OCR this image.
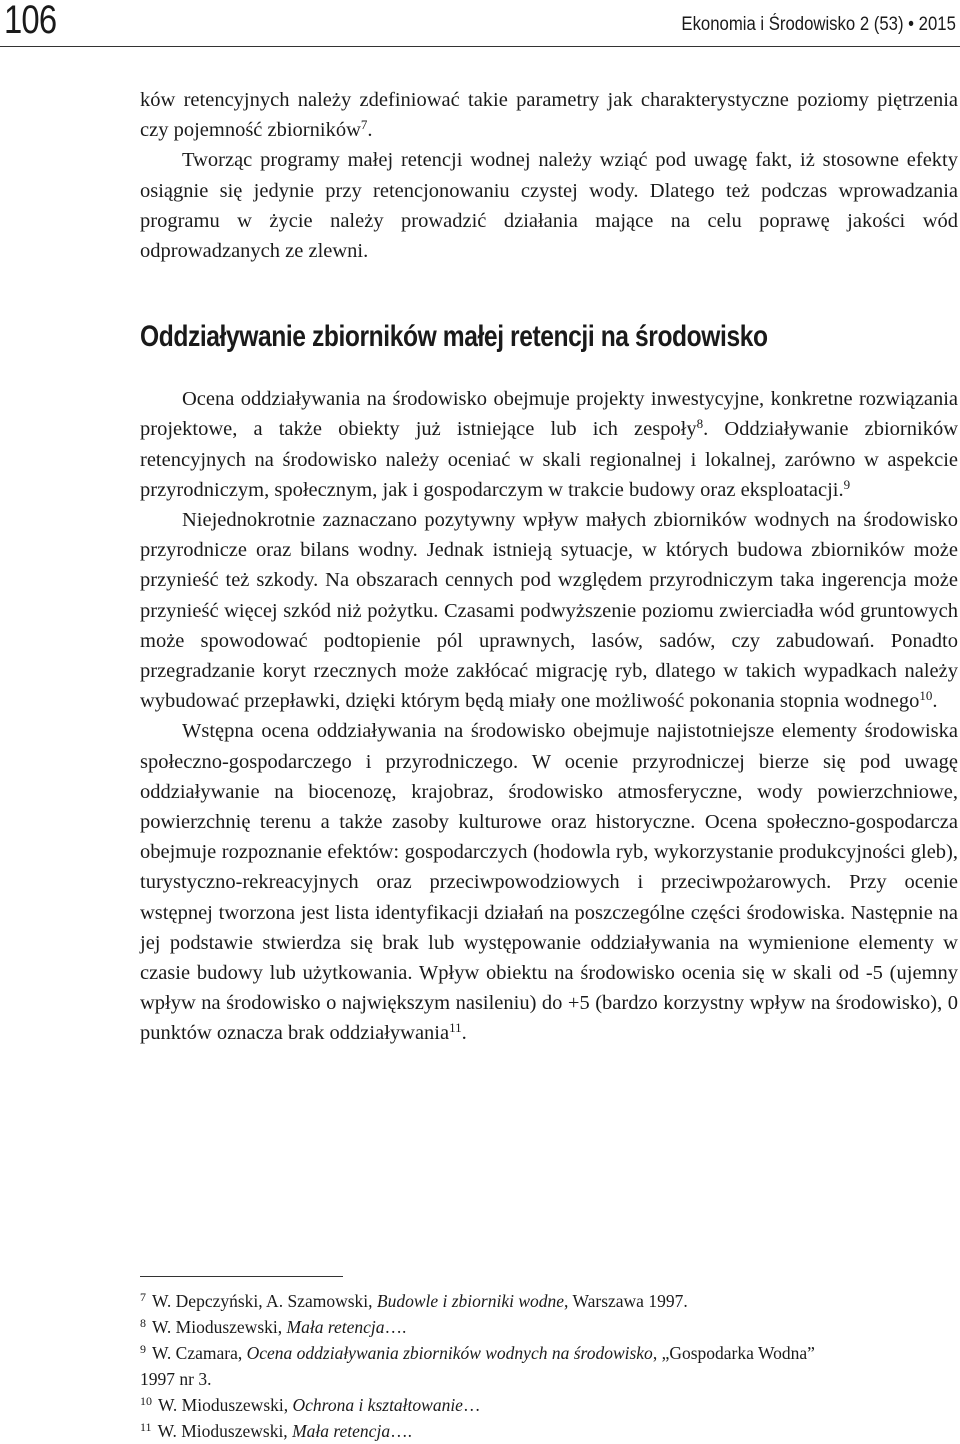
106	Ekonomia i Środowisko 2 (53) • 2015

ków retencyjnych należy zdefiniować takie parametry jak charakterystyczne poziomy piętrzenia czy pojemność zbiorników$^7$.

Tworząc programy małej retencji wodnej należy wziąć pod uwagę fakt, iż stosowne efekty osiągnie się jedynie przy retencjonowaniu czystej wody. Dlatego też podczas wprowadzania programu w życie należy prowadzić działania mające na celu poprawę jakości wód odprowadzanych ze zlewni.

Oddziaływanie zbiorników małej retencji na środowisko

Ocena oddziaływania na środowisko obejmuje projekty inwestycyjne, konkretne rozwiązania projektowe, a także obiekty już istniejące lub ich zespoły$^8$. Oddziaływanie zbiorników retencyjnych na środowisko należy oceniać w skali regionalnej i lokalnej, zarówno w aspekcie przyrodniczym, społecznym, jak i gospodarczym w trakcie budowy oraz eksploatacji.$^9$

Niejednokrotnie zaznaczano pozytywny wpływ małych zbiorników wodnych na środowisko przyrodnicze oraz bilans wodny. Jednak istnieją sytuacje, w których budowa zbiorników może przynieść też szkody. Na obszarach cennych pod względem przyrodniczym taka ingerencja może przynieść więcej szkód niż pożytku. Czasami podwyższenie poziomu zwierciadła wód gruntowych może spowodować podtopienie pól uprawnych, lasów, sadów, czy zabudowań. Ponadto przegradzanie koryt rzecznych może zakłócać migrację ryb, dlatego w takich wypadkach należy wybudować przepławki, dzięki którym będą miały one możliwość pokonania stopnia wodnego$^{10}$.

Wstępna ocena oddziaływania na środowisko obejmuje najistotniejsze elementy środowiska społeczno-gospodarczego i przyrodniczego. W ocenie przyrodniczej bierze się pod uwagę oddziaływanie na biocenozę, krajobraz, środowisko atmosferyczne, wody powierzchniowe, powierzchnię terenu a także zasoby kulturowe oraz historyczne. Ocena społeczno-gospodarcza obejmuje rozpoznanie efektów: gospodarczych (hodowla ryb, wykorzystanie produkcyjności gleb), turystyczno-rekreacyjnych oraz przeciwpowodziowych i przeciwpożarowych. Przy ocenie wstępnej tworzona jest lista identyfikacji działań na poszczególne części środowiska. Następnie na jej podstawie stwierdza się brak lub występowanie oddziaływania na wymienione elementy w czasie budowy lub użytkowania. Wpływ obiektu na środowisko ocenia się w skali od -5 (ujemny wpływ na środowisko o największym nasileniu) do +5 (bardzo korzystny wpływ na środowisko), 0 punktów oznacza brak oddziaływania$^{11}$.

$^7$ W. Depczyński, A. Szamowski, Budowle i zbiorniki wodne, Warszawa 1997.

$^8$ W. Mioduszewski, Mała retencja….

$^9$ W. Czamara, Ocena oddziaływania zbiorników wodnych na środowisko, „Gospodarka Wodna”

1997 nr 3.

$^{10}$ W. Mioduszewski, Ochrona i kształtowanie…

$^{11}$ W. Mioduszewski, Mała retencja….
